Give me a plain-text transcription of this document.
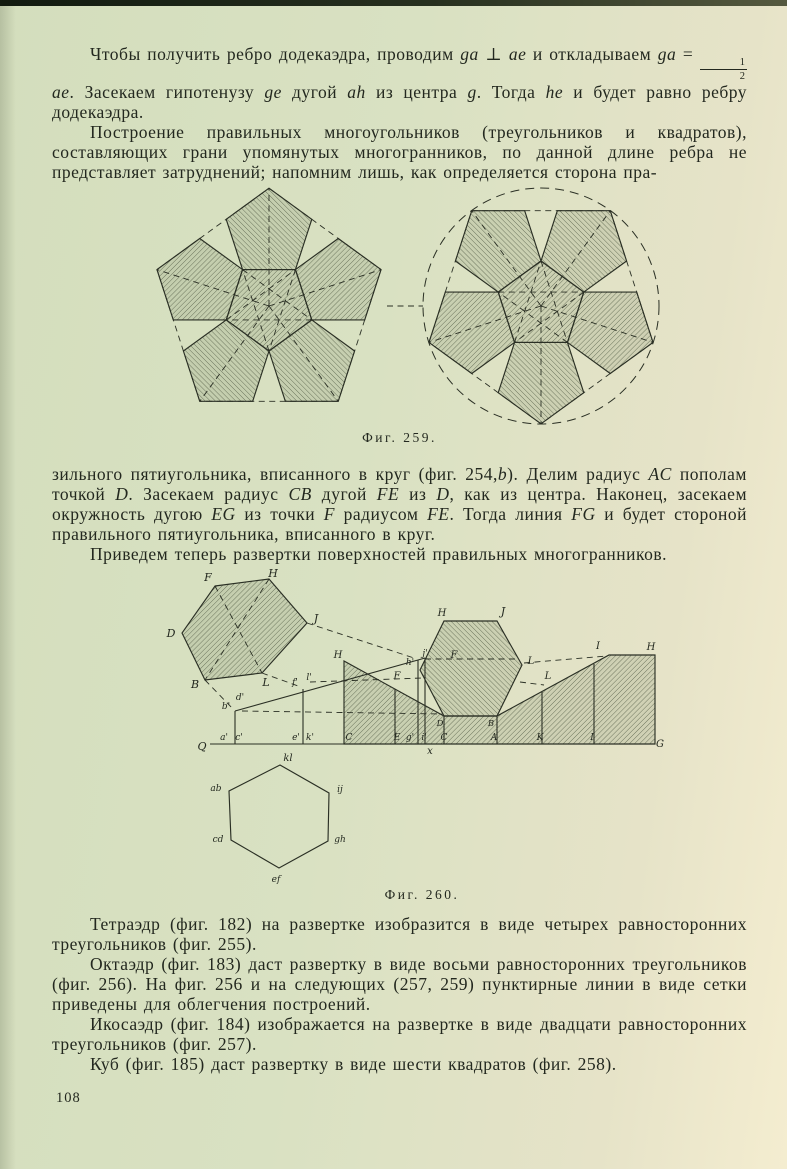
Чтобы получить ребро додекаэдра, проводим ga ⊥ ae и откладываем ga =
$\frac{1}{2}$
ae. Засекаем гипотенузу ge дугой ah из центра g. Тогда he и будет равно ребру додекаэдра.

Построение правильных многоугольников (треугольников и квадратов), составляющих грани упомянутых многогранников, по данной длине ребра не представляет затруднений; напомним лишь, как определяется сторона пра-

Фиг. 259.

зильного пятиугольника, вписанного в круг (фиг. 254,b). Делим радиус AC пополам точкой D. Засекаем радиус CB дугой FE из D, как из центра. Наконец, засекаем окружность дугою EG из точки F радиусом FE. Тогда линия FG и будет стороной правильного пятиугольника, вписанного в круг.

Приведем теперь развертки поверхностей правильных многогранников.

F	H
J
L
B
D
Q	x
a' c'	e' k'	g' i'
b'
d'
f' l'
h'
j'
H
F
F
H	J
L
L
I	H
C	E	C	A	K	I
G
D	B
kl
ab	ij
cd	gh
ef
Фиг. 260.

Тетраэдр (фиг. 182) на развертке изобразится в виде четырех равносторонних треугольников (фиг. 255).

Октаэдр (фиг. 183) даст развертку в виде восьми равносторонних треугольников (фиг. 256). На фиг. 256 и на следующих (257, 259) пунктирные линии в виде сетки приведены для облегчения построений.

Икосаэдр (фиг. 184) изображается на развертке в виде двадцати равносторонних треугольников (фиг. 257).

Куб (фиг. 185) даст развертку в виде шести квадратов (фиг. 258).

108
